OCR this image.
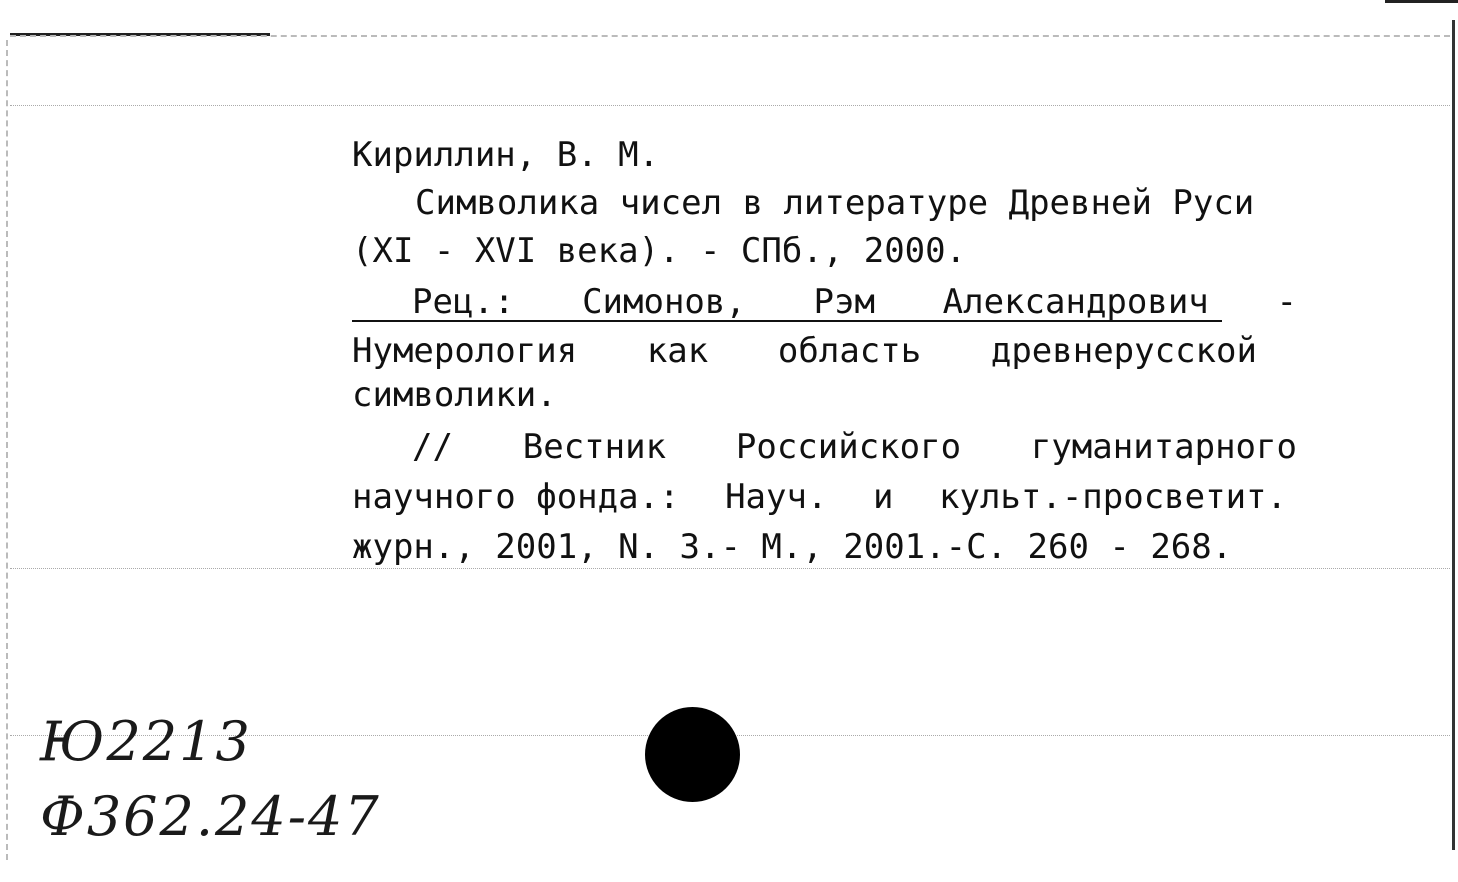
Кириллин, В. М.
Символика чисел в литературе Древней Руси
(XI - XVI века). - СПб., 2000.
Рец.: Симонов, Рэм Александрович -
Нумерология как область древнерусской
символики.
// Вестник Российского гуманитарного
научного фонда.: Науч. и культ.-просветит.
журн., 2001, N. 3.- М., 2001.-С. 260 - 268.
Ю2213
Ф362.24-47
